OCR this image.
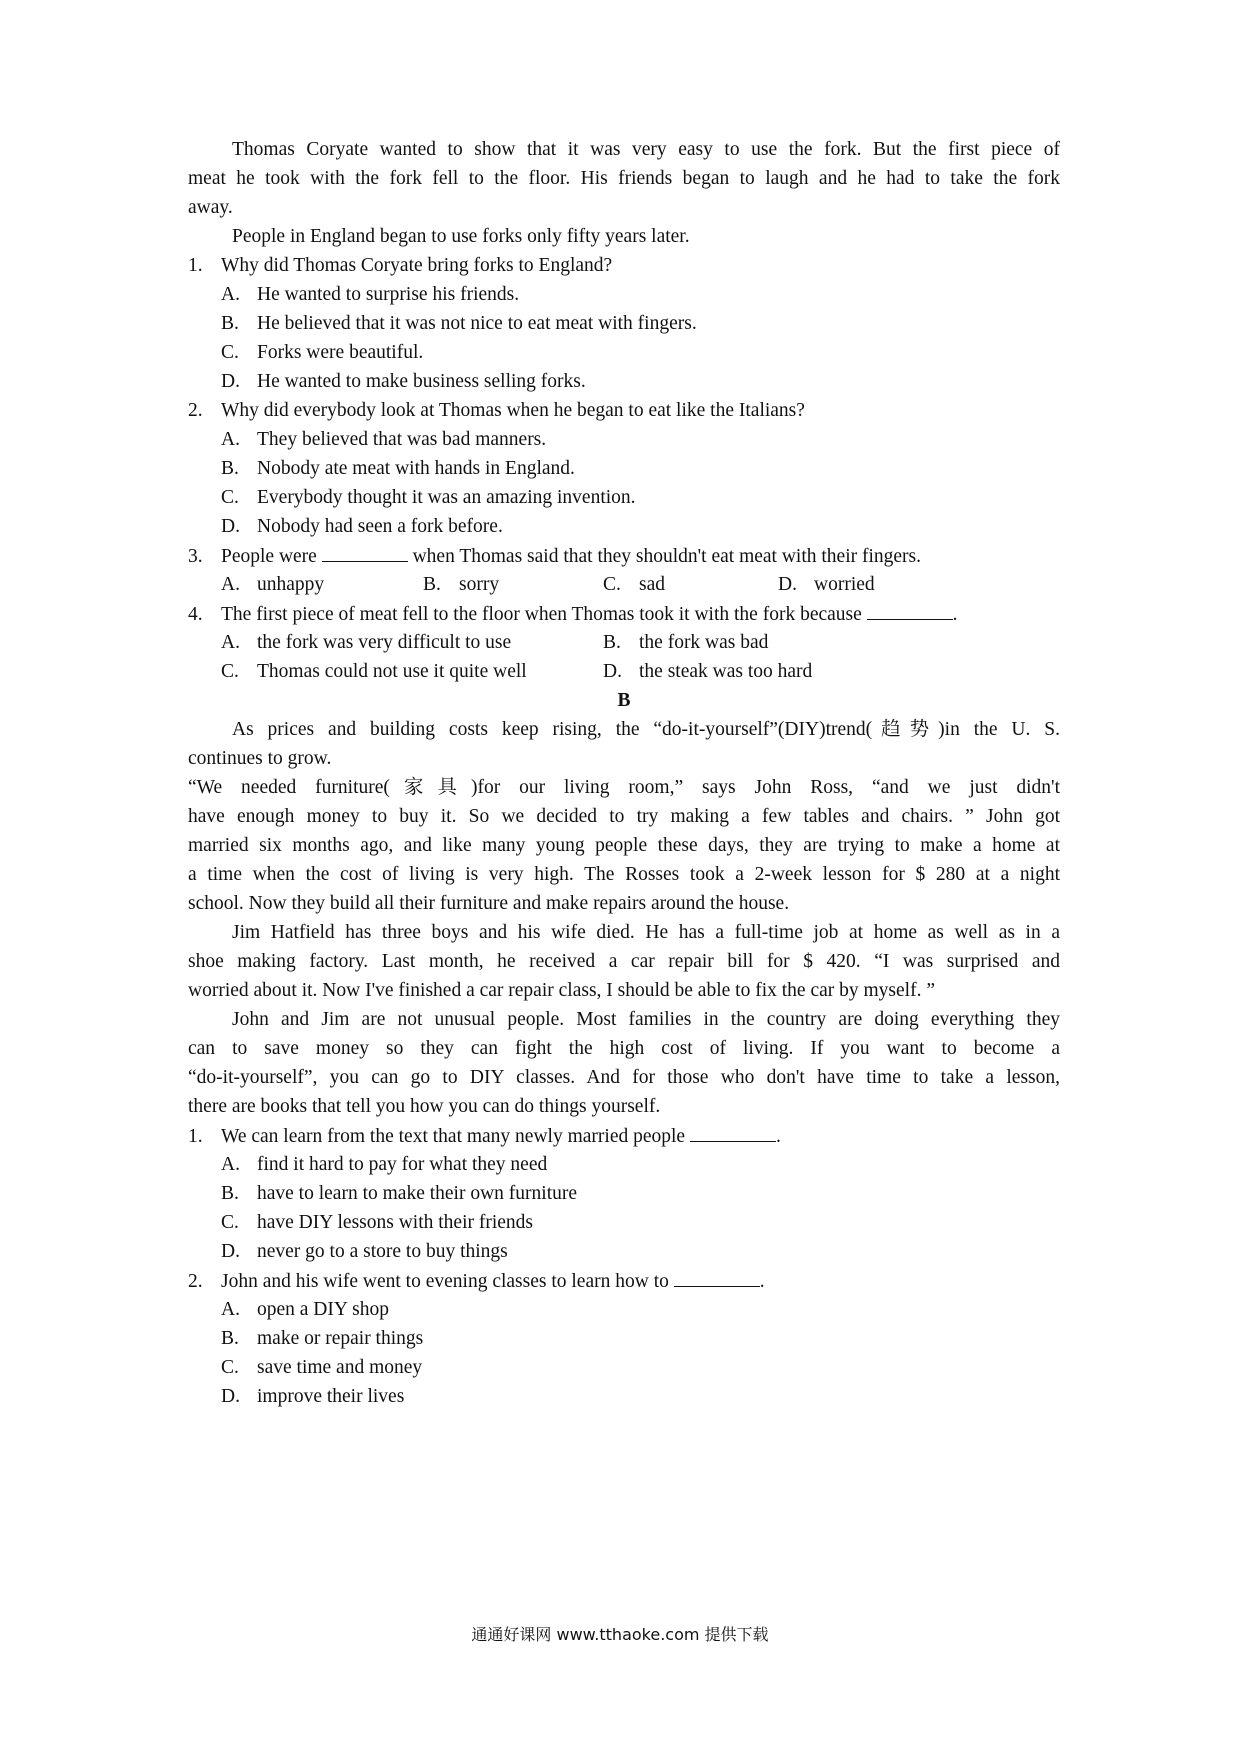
Thomas Coryate wanted to show that it was very easy to use the fork. But the first piece of
meat he took with the fork fell to the floor. His friends began to laugh and he had to take the fork
away.
People in England began to use forks only fifty years later.
1. Why did Thomas Coryate bring forks to England?
A. He wanted to surprise his friends.
B. He believed that it was not nice to eat meat with fingers.
C. Forks were beautiful.
D. He wanted to make business selling forks.
2. Why did everybody look at Thomas when he began to eat like the Italians?
A. They believed that was bad manners.
B. Nobody ate meat with hands in England.
C. Everybody thought it was an amazing invention.
D. Nobody had seen a fork before.
3. People were	when Thomas said that they shouldn't eat meat with their fingers.
A. unhappy	B. sorry	C. sad	D. worried
4. The first piece of meat fell to the floor when Thomas took it with the fork because	.
A. the fork was very difficult to use	B. the fork was bad
C. Thomas could not use it quite well	D. the steak was too hard
B
As prices and building costs keep rising, the “do-it-yourself”(DIY)trend(趋势)in the U. S.
continues to grow.
“We needed furniture(家具)for our living room,” says John Ross, “and we just didn't
have enough money to buy it. So we decided to try making a few tables and chairs. ” John got
married six months ago, and like many young people these days, they are trying to make a home at
a time when the cost of living is very high. The Rosses took a 2-week lesson for $ 280 at a night
school. Now they build all their furniture and make repairs around the house.
Jim Hatfield has three boys and his wife died. He has a full-time job at home as well as in a
shoe making factory. Last month, he received a car repair bill for $ 420. “I was surprised and
worried about it. Now I've finished a car repair class, I should be able to fix the car by myself. ”
John and Jim are not unusual people. Most families in the country are doing everything they
can to save money so they can fight the high cost of living. If you want to become a
“do-it-yourself”, you can go to DIY classes. And for those who don't have time to take a lesson,
there are books that tell you how you can do things yourself.
1. We can learn from the text that many newly married people	.
A. find it hard to pay for what they need
B. have to learn to make their own furniture
C. have DIY lessons with their friends
D. never go to a store to buy things
2. John and his wife went to evening classes to learn how to	.
A. open a DIY shop
B. make or repair things
C. save time and money
D. improve their lives
通通好课网 www.tthaoke.com 提供下载
